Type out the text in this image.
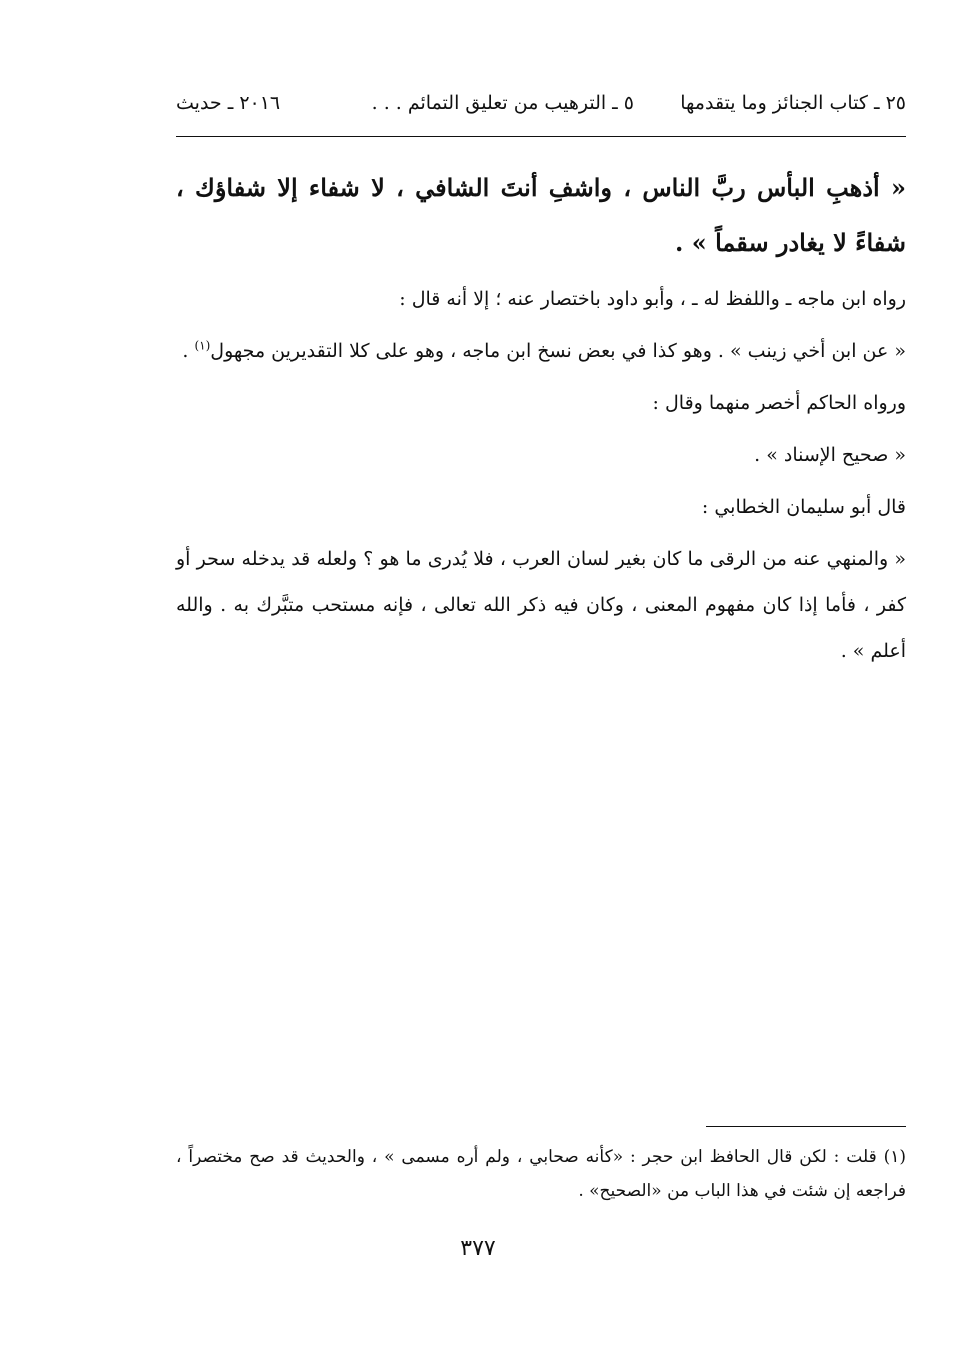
٢٥ ـ كتاب الجنائز وما يتقدمها
٥ ـ الترهيب من تعليق التمائم . . .
٢٠١٦ ـ حديث

« أذهبِ البأس ربَّ الناس ، واشفِ أنتَ الشافي ، لا شفاء إلا شفاؤك ، شفاءً لا يغادر سقماً » .

رواه ابن ماجه ـ واللفظ له ـ ، وأبو داود باختصار عنه ؛ إلا أنه قال :

« عن ابن أخي زينب » . وهو كذا في بعض نسخ ابن ماجه ، وهو على كلا التقديرين مجهول$^{(١)}$ .

ورواه الحاكم أخصر منهما وقال :

« صحيح الإسناد » .

قال أبو سليمان الخطابي :

« والمنهي عنه من الرقى ما كان بغير لسان العرب ، فلا يُدرى ما هو ؟ ولعله قد يدخله سحر أو كفر ، فأما إذا كان مفهوم المعنى ، وكان فيه ذكر الله تعالى ، فإنه مستحب متبَّرك به . والله أعلم » .

(١) قلت : لكن قال الحافظ ابن حجر : «كأنه صحابي ، ولم أره مسمى » ، والحديث قد صح مختصراً ، فراجعه إن شئت في هذا الباب من «الصحيح» .

٣٧٧
